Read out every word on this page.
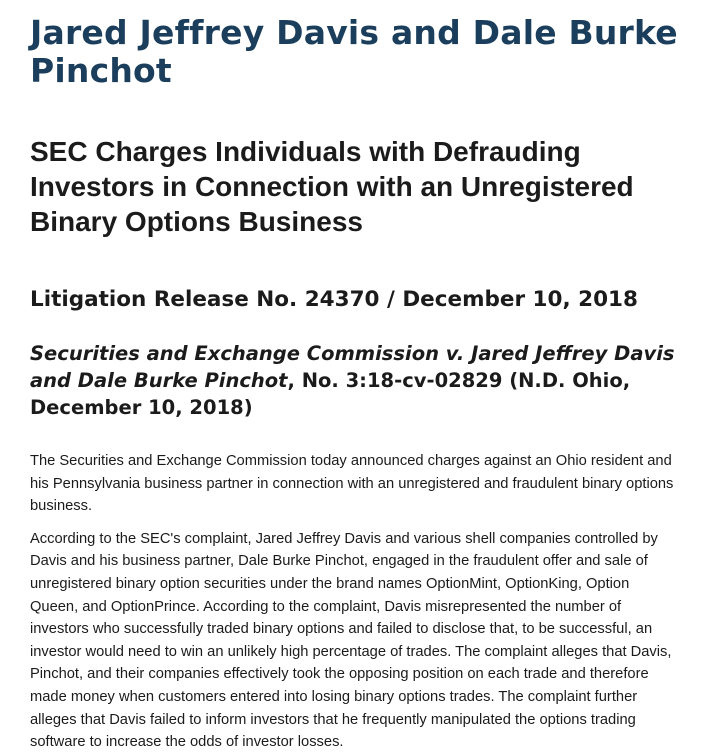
Jared Jeffrey Davis and Dale Burke Pinchot
SEC Charges Individuals with Defrauding Investors in Connection with an Unregistered Binary Options Business
Litigation Release No. 24370 / December 10, 2018
Securities and Exchange Commission v. Jared Jeffrey Davis and Dale Burke Pinchot, No. 3:18-cv-02829 (N.D. Ohio, December 10, 2018)

The Securities and Exchange Commission today announced charges against an Ohio resident and his Pennsylvania business partner in connection with an unregistered and fraudulent binary options business.

According to the SEC's complaint, Jared Jeffrey Davis and various shell companies controlled by Davis and his business partner, Dale Burke Pinchot, engaged in the fraudulent offer and sale of unregistered binary option securities under the brand names OptionMint, OptionKing, Option Queen, and OptionPrince. According to the complaint, Davis misrepresented the number of investors who successfully traded binary options and failed to disclose that, to be successful, an investor would need to win an unlikely high percentage of trades. The complaint alleges that Davis, Pinchot, and their companies effectively took the opposing position on each trade and therefore made money when customers entered into losing binary options trades. The complaint further alleges that Davis failed to inform investors that he frequently manipulated the options trading software to increase the odds of investor losses.
